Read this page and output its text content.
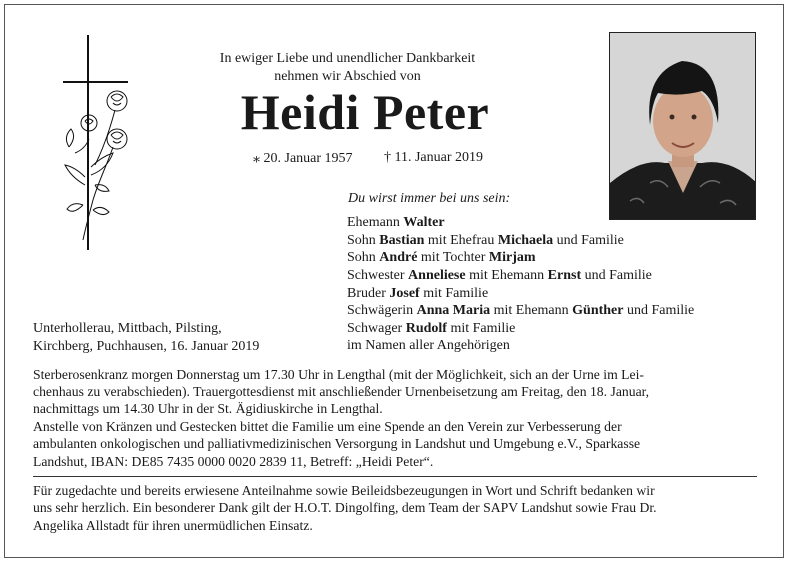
In ewiger Liebe und unendlicher Dankbarkeit
nehmen wir Abschied von
Heidi Peter
⁎ 20. Januar 1957 † 11. Januar 2019
Du wirst immer bei uns sein:
Ehemann Walter
Sohn Bastian mit Ehefrau Michaela und Familie
Sohn André mit Tochter Mirjam
Schwester Anneliese mit Ehemann Ernst und Familie
Bruder Josef mit Familie
Schwägerin Anna Maria mit Ehemann Günther und Familie
Schwager Rudolf mit Familie
im Namen aller Angehörigen
Unterhollerau, Mittbach, Pilsting,
Kirchberg, Puchhausen, 16. Januar 2019
Sterberosenkranz morgen Donnerstag um 17.30 Uhr in Lengthal (mit der Möglichkeit, sich an der Urne im Lei-
chenhaus zu verabschieden). Trauergottesdienst mit anschließender Urnenbeisetzung am Freitag, den 18. Januar,
nachmittags um 14.30 Uhr in der St. Ägidiuskirche in Lengthal.
Anstelle von Kränzen und Gestecken bittet die Familie um eine Spende an den Verein zur Verbesserung der
ambulanten onkologischen und palliativmedizinischen Versorgung in Landshut und Umgebung e.V., Sparkasse
Landshut, IBAN: DE85 7435 0000 0020 2839 11, Betreff: „Heidi Peter“.
Für zugedachte und bereits erwiesene Anteilnahme sowie Beileidsbezeugungen in Wort und Schrift bedanken wir
uns sehr herzlich. Ein besonderer Dank gilt der H.O.T. Dingolfing, dem Team der SAPV Landshut sowie Frau Dr.
Angelika Allstadt für ihren unermüdlichen Einsatz.
